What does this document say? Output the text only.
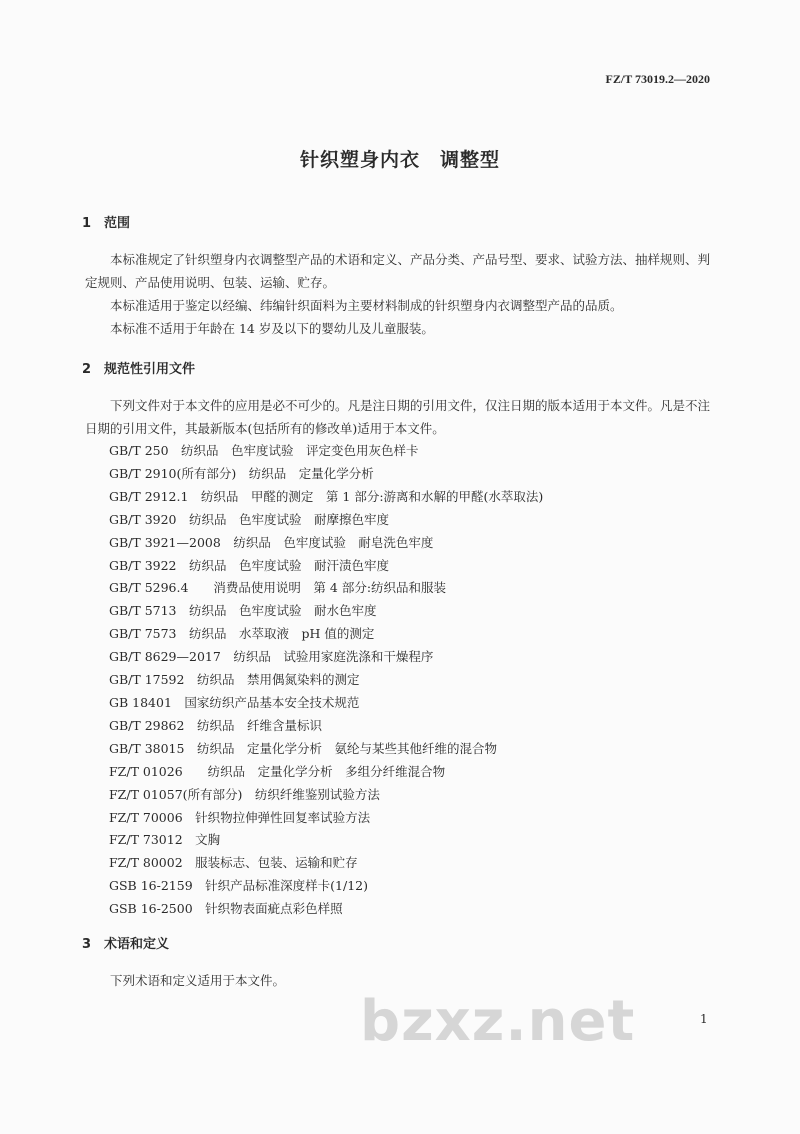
FZ/T 73019.2—2020
针织塑身内衣　调整型
1 范围
本标准规定了针织塑身内衣调整型产品的术语和定义、产品分类、产品号型、要求、试验方法、抽样规则、判定规则、产品使用说明、包装、运输、贮存。
本标准适用于鉴定以经编、纬编针织面料为主要材料制成的针织塑身内衣调整型产品的品质。
本标准不适用于年龄在 14 岁及以下的婴幼儿及儿童服装。
2 规范性引用文件
下列文件对于本文件的应用是必不可少的。凡是注日期的引用文件，仅注日期的版本适用于本文件。凡是不注日期的引用文件，其最新版本(包括所有的修改单)适用于本文件。
GB/T 250　纺织品　色牢度试验　评定变色用灰色样卡
GB/T 2910(所有部分)　纺织品　定量化学分析
GB/T 2912.1　纺织品　甲醛的测定　第 1 部分:游离和水解的甲醛(水萃取法)
GB/T 3920　纺织品　色牢度试验　耐摩擦色牢度
GB/T 3921—2008　纺织品　色牢度试验　耐皂洗色牢度
GB/T 3922　纺织品　色牢度试验　耐汗渍色牢度
GB/T 5296.4　　消费品使用说明　第 4 部分:纺织品和服装
GB/T 5713　纺织品　色牢度试验　耐水色牢度
GB/T 7573　纺织品　水萃取液　pH 值的测定
GB/T 8629—2017　纺织品　试验用家庭洗涤和干燥程序
GB/T 17592　纺织品　禁用偶氮染料的测定
GB 18401　国家纺织产品基本安全技术规范
GB/T 29862　纺织品　纤维含量标识
GB/T 38015　纺织品　定量化学分析　氨纶与某些其他纤维的混合物
FZ/T 01026　　纺织品　定量化学分析　多组分纤维混合物
FZ/T 01057(所有部分)　纺织纤维鉴别试验方法
FZ/T 70006　针织物拉伸弹性回复率试验方法
FZ/T 73012　文胸
FZ/T 80002　服装标志、包装、运输和贮存
GSB 16-2159　针织产品标准深度样卡(1/12)
GSB 16-2500　针织物表面疵点彩色样照
3 术语和定义
下列术语和定义适用于本文件。
bzxz.net	1
